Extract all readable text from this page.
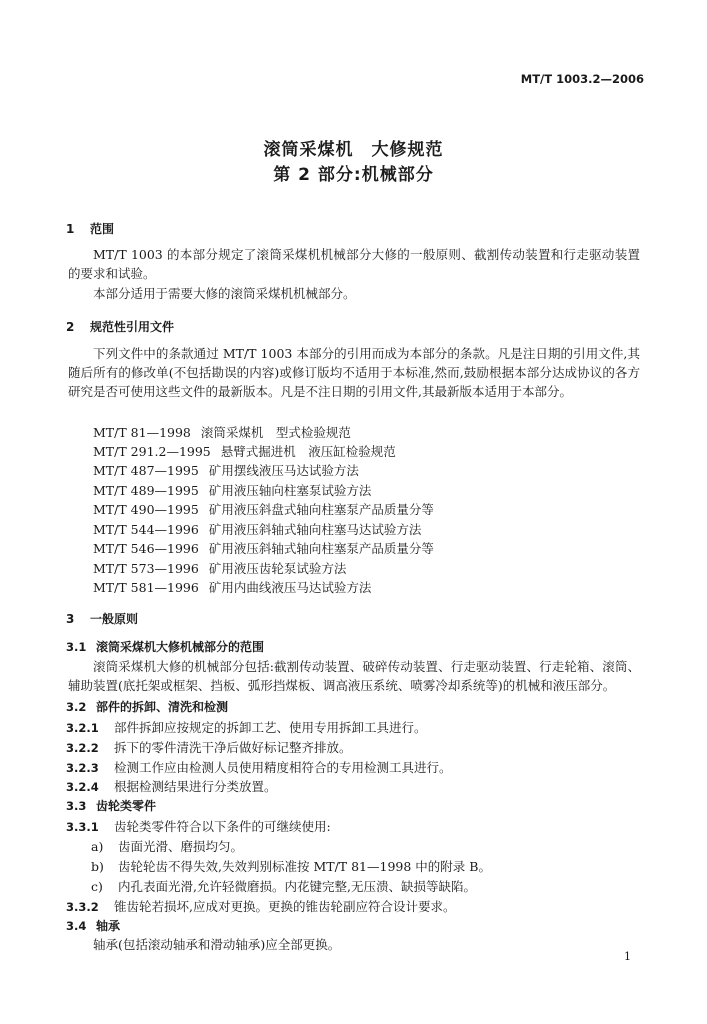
MT/T 1003.2—2006
滚筒采煤机　大修规范
第 2 部分:机械部分
1 范围
MT/T 1003 的本部分规定了滚筒采煤机机械部分大修的一般原则、截割传动装置和行走驱动装置的要求和试验。
本部分适用于需要大修的滚筒采煤机机械部分。
2 规范性引用文件
下列文件中的条款通过 MT/T 1003 本部分的引用而成为本部分的条款。凡是注日期的引用文件,其随后所有的修改单(不包括勘误的内容)或修订版均不适用于本标准,然而,鼓励根据本部分达成协议的各方研究是否可使用这些文件的最新版本。凡是不注日期的引用文件,其最新版本适用于本部分。
MT/T 81—1998 滚筒采煤机　型式检验规范
MT/T 291.2—1995 悬臂式掘进机　液压缸检验规范
MT/T 487—1995 矿用摆线液压马达试验方法
MT/T 489—1995 矿用液压轴向柱塞泵试验方法
MT/T 490—1995 矿用液压斜盘式轴向柱塞泵产品质量分等
MT/T 544—1996 矿用液压斜轴式轴向柱塞马达试验方法
MT/T 546—1996 矿用液压斜轴式轴向柱塞泵产品质量分等
MT/T 573—1996 矿用液压齿轮泵试验方法
MT/T 581—1996 矿用内曲线液压马达试验方法
3 一般原则
3.1 滚筒采煤机大修机械部分的范围
滚筒采煤机大修的机械部分包括:截割传动装置、破碎传动装置、行走驱动装置、行走轮箱、滚筒、辅助装置(底托架或框架、挡板、弧形挡煤板、调高液压系统、喷雾冷却系统等)的机械和液压部分。
3.2 部件的拆卸、清洗和检测
3.2.1 部件拆卸应按规定的拆卸工艺、使用专用拆卸工具进行。
3.2.2 拆下的零件清洗干净后做好标记整齐排放。
3.2.3 检测工作应由检测人员使用精度相符合的专用检测工具进行。
3.2.4 根据检测结果进行分类放置。
3.3 齿轮类零件
3.3.1 齿轮类零件符合以下条件的可继续使用:
a) 齿面光滑、磨损均匀。
b) 齿轮轮齿不得失效,失效判别标准按 MT/T 81—1998 中的附录 B。
c) 内孔表面光滑,允许轻微磨损。内花键完整,无压溃、缺损等缺陷。
3.3.2 锥齿轮若损坏,应成对更换。更换的锥齿轮副应符合设计要求。
3.4 轴承
轴承(包括滚动轴承和滑动轴承)应全部更换。
1
